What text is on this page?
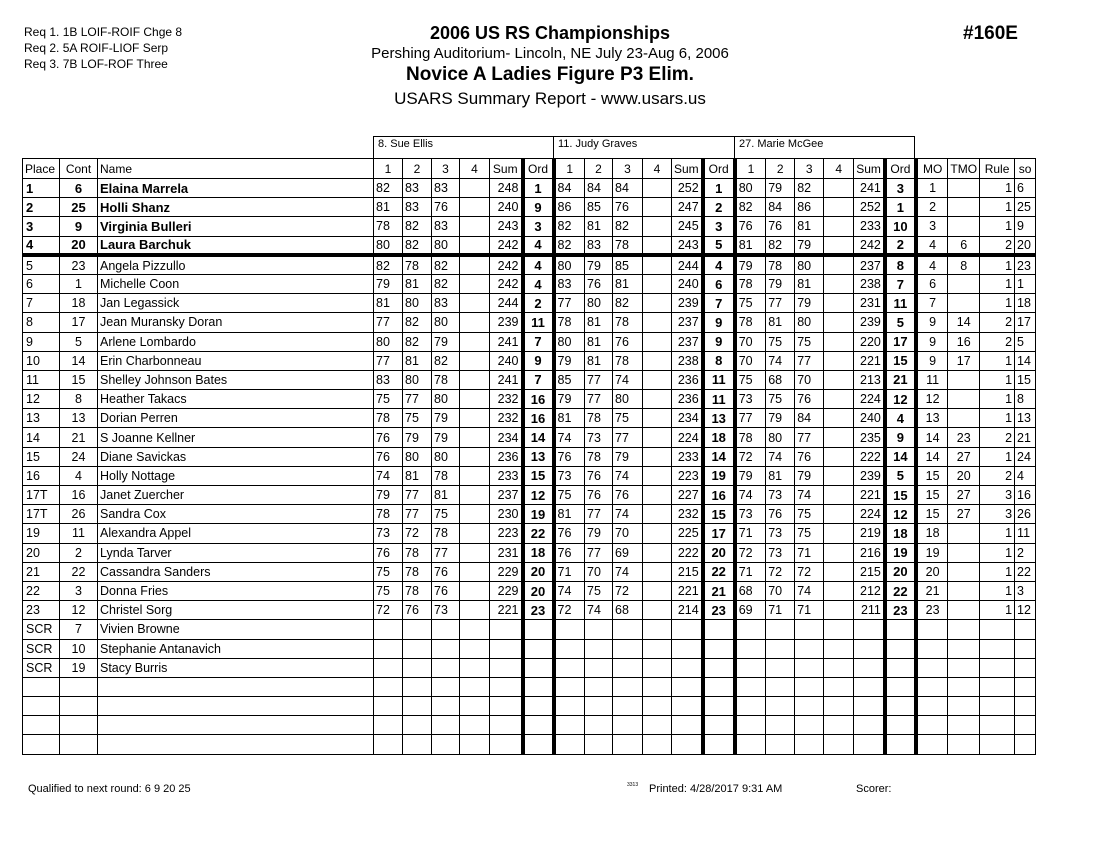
Req 1. 1B LOIF-ROIF Chge 8
Req 2. 5A ROIF-LIOF Serp
Req 3. 7B LOF-ROF Three
2006 US RS Championships
Pershing Auditorium- Lincoln, NE July 23-Aug 6, 2006
Novice A Ladies Figure P3 Elim.
USARS Summary Report - www.usars.us
#160E
8. Sue Ellis	11. Judy Graves	27. Marie McGee
Place	Cont	Name	1	2	3	4	Sum	Ord	1	2	3	4	Sum	Ord	1	2	3	4	Sum	Ord	MO	TMO	Rule	so
1	6	Elaina Marrela	82	83	83		248	1	84	84	84		252	1	80	79	82		241	3	1		1	6
2	25	Holli Shanz	81	83	76		240	9	86	85	76		247	2	82	84	86		252	1	2		1	25
3	9	Virginia Bulleri	78	82	83		243	3	82	81	82		245	3	76	76	81		233	10	3		1	9
4	20	Laura Barchuk	80	82	80		242	4	82	83	78		243	5	81	82	79		242	2	4	6	2	20
5	23	Angela Pizzullo	82	78	82		242	4	80	79	85		244	4	79	78	80		237	8	4	8	1	23
6	1	Michelle Coon	79	81	82		242	4	83	76	81		240	6	78	79	81		238	7	6		1	1
7	18	Jan Legassick	81	80	83		244	2	77	80	82		239	7	75	77	79		231	11	7		1	18
8	17	Jean Muransky Doran	77	82	80		239	11	78	81	78		237	9	78	81	80		239	5	9	14	2	17
9	5	Arlene Lombardo	80	82	79		241	7	80	81	76		237	9	70	75	75		220	17	9	16	2	5
10	14	Erin Charbonneau	77	81	82		240	9	79	81	78		238	8	70	74	77		221	15	9	17	1	14
11	15	Shelley Johnson Bates	83	80	78		241	7	85	77	74		236	11	75	68	70		213	21	11		1	15
12	8	Heather Takacs	75	77	80		232	16	79	77	80		236	11	73	75	76		224	12	12		1	8
13	13	Dorian Perren	78	75	79		232	16	81	78	75		234	13	77	79	84		240	4	13		1	13
14	21	S Joanne Kellner	76	79	79		234	14	74	73	77		224	18	78	80	77		235	9	14	23	2	21
15	24	Diane Savickas	76	80	80		236	13	76	78	79		233	14	72	74	76		222	14	14	27	1	24
16	4	Holly Nottage	74	81	78		233	15	73	76	74		223	19	79	81	79		239	5	15	20	2	4
17T	16	Janet Zuercher	79	77	81		237	12	75	76	76		227	16	74	73	74		221	15	15	27	3	16
17T	26	Sandra Cox	78	77	75		230	19	81	77	74		232	15	73	76	75		224	12	15	27	3	26
19	11	Alexandra Appel	73	72	78		223	22	76	79	70		225	17	71	73	75		219	18	18		1	11
20	2	Lynda Tarver	76	78	77		231	18	76	77	69		222	20	72	73	71		216	19	19		1	2
21	22	Cassandra Sanders	75	78	76		229	20	71	70	74		215	22	71	72	72		215	20	20		1	22
22	3	Donna Fries	75	78	76		229	20	74	75	72		221	21	68	70	74		212	22	21		1	3
23	12	Christel Sorg	72	76	73		221	23	72	74	68		214	23	69	71	71		211	23	23		1	12
SCR	7	Vivien Browne																						
SCR	10	Stephanie Antanavich																						
SCR	19	Stacy Burris																						

Qualified to next round: 6 9 20 25	3313 Printed: 4/28/2017 9:31 AM	Scorer:
